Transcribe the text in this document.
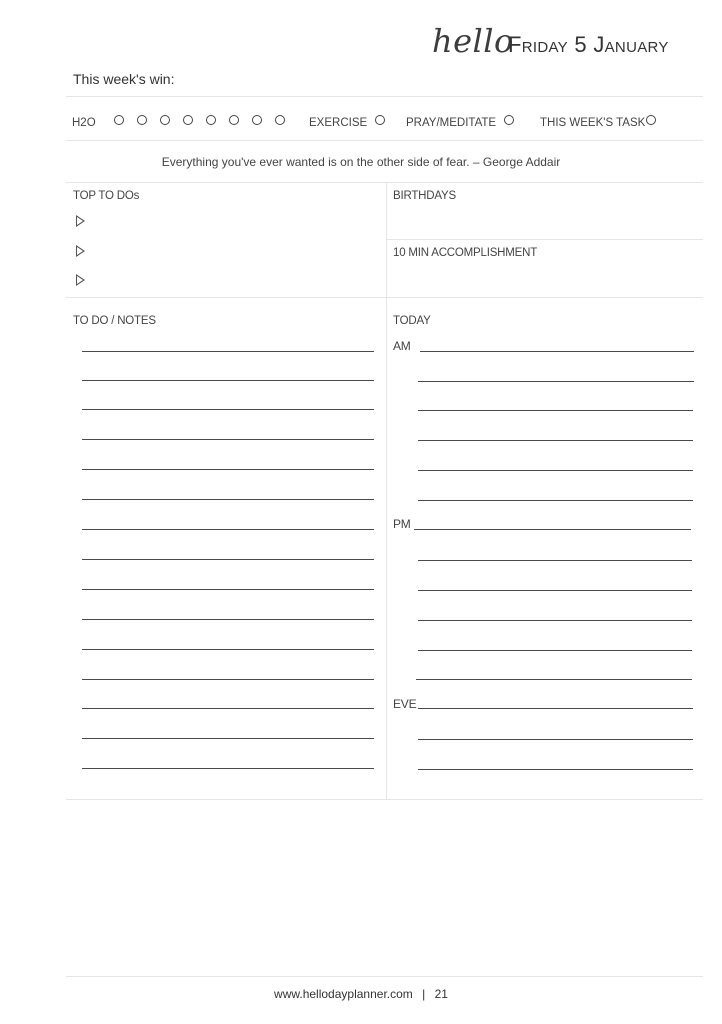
hello
Friday 5 January
This week's win:
H2O	EXERCISE	PRAY/MEDITATE	THIS WEEK'S TASK
Everything you've ever wanted is on the other side of fear. – George Addair
TOP TO DOs	BIRTHDAYS
10 MIN ACCOMPLISHMENT
TO DO / NOTES	TODAY
AM
PM
EVE
www.hellodayplanner.com | 21
